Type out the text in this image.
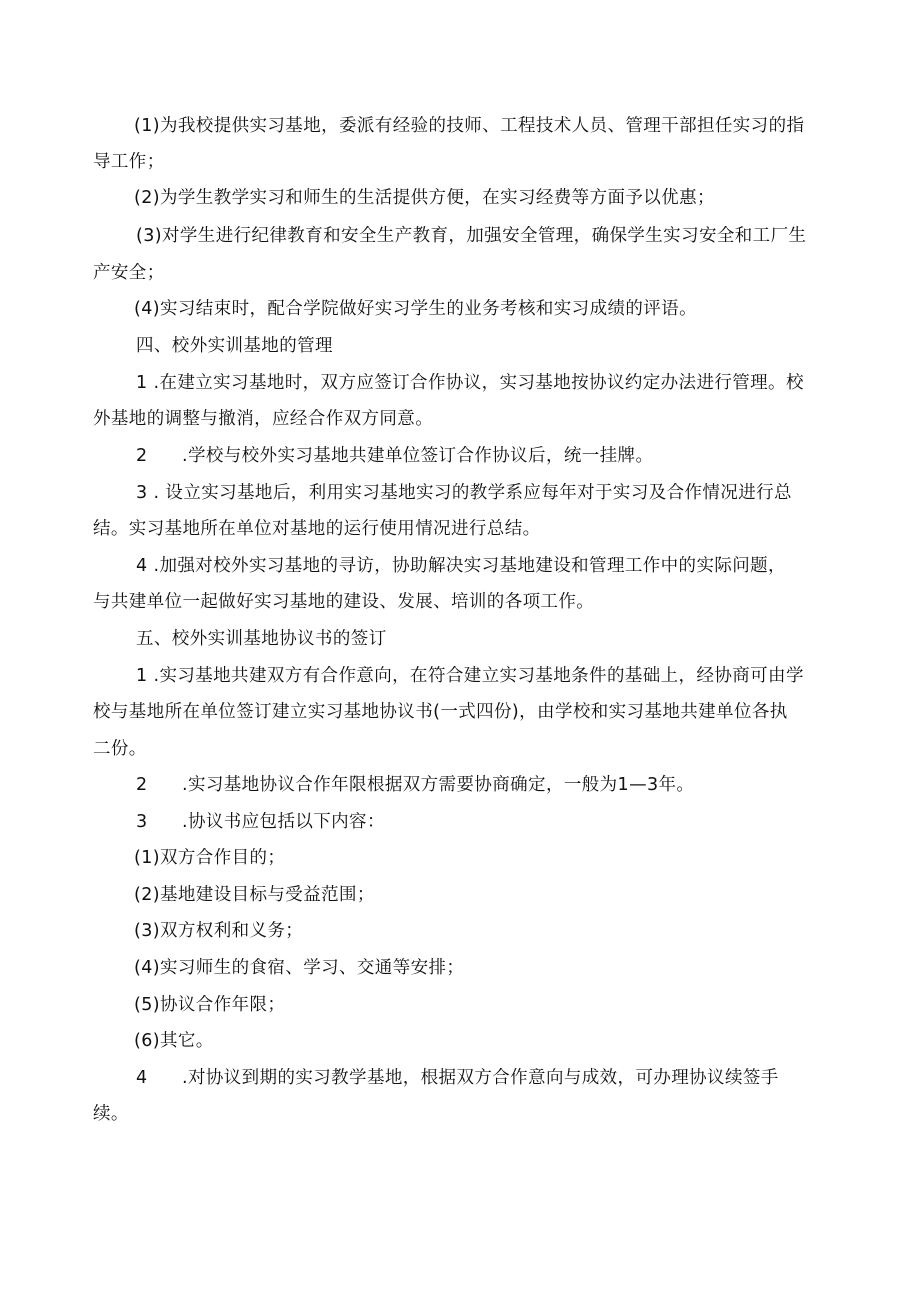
(1)为我校提供实习基地，委派有经验的技师、工程技术人员、管理干部担任实习的指
导工作；
(2)为学生教学实习和师生的生活提供方便，在实习经费等方面予以优惠；
(3)对学生进行纪律教育和安全生产教育，加强安全管理，确保学生实习安全和工厂生
产安全；
(4)实习结束时，配合学院做好实习学生的业务考核和实习成绩的评语。
四、校外实训基地的管理
1 .在建立实习基地时，双方应签订合作协议，实习基地按协议约定办法进行管理。校
外基地的调整与撤消，应经合作双方同意。
2 .学校与校外实习基地共建单位签订合作协议后，统一挂牌。
3 . 设立实习基地后，利用实习基地实习的教学系应每年对于实习及合作情况进行总
结。实习基地所在单位对基地的运行使用情况进行总结。
4 .加强对校外实习基地的寻访，协助解决实习基地建设和管理工作中的实际问题，
与共建单位一起做好实习基地的建设、发展、培训的各项工作。
五、校外实训基地协议书的签订
1 .实习基地共建双方有合作意向，在符合建立实习基地条件的基础上，经协商可由学
校与基地所在单位签订建立实习基地协议书(一式四份)，由学校和实习基地共建单位各执
二份。
2 .实习基地协议合作年限根据双方需要协商确定，一般为1—3年。
3 .协议书应包括以下内容：
(1)双方合作目的；
(2)基地建设目标与受益范围；
(3)双方权利和义务；
(4)实习师生的食宿、学习、交通等安排；
(5)协议合作年限；
(6)其它。
4 .对协议到期的实习教学基地，根据双方合作意向与成效，可办理协议续签手
续。
